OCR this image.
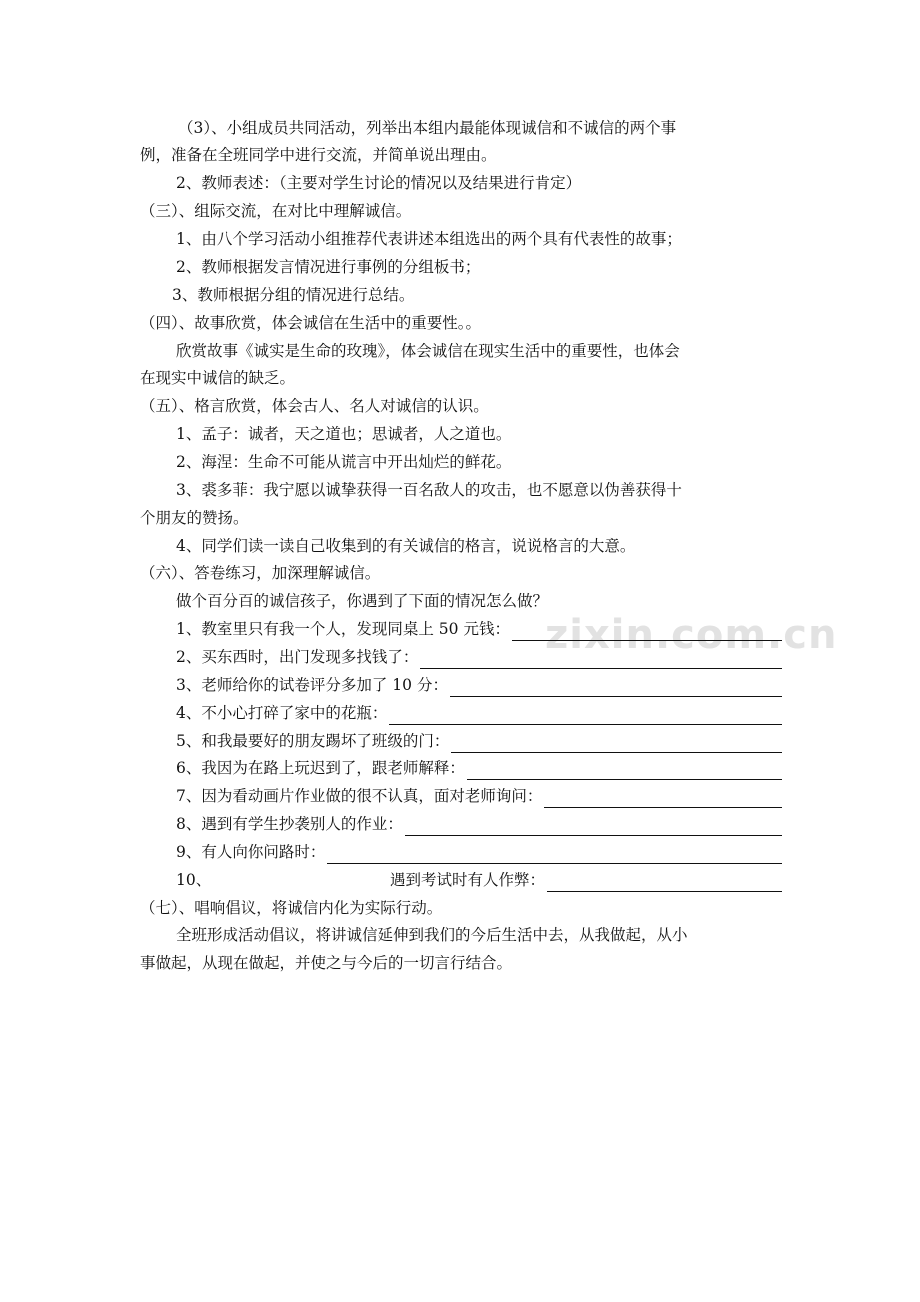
zixin.com.cn
（3）、小组成员共同活动，列举出本组内最能体现诚信和不诚信的两个事
例，准备在全班同学中进行交流，并简单说出理由。
2、教师表述：（主要对学生讨论的情况以及结果进行肯定）
（三）、组际交流，在对比中理解诚信。
1、由八个学习活动小组推荐代表讲述本组选出的两个具有代表性的故事；
2、教师根据发言情况进行事例的分组板书；
3、教师根据分组的情况进行总结。
（四）、故事欣赏，体会诚信在生活中的重要性。。
欣赏故事《诚实是生命的玫瑰》，体会诚信在现实生活中的重要性，也体会
在现实中诚信的缺乏。
（五）、格言欣赏，体会古人、名人对诚信的认识。
1、孟子：诚者，天之道也；思诚者，人之道也。
2、海涅：生命不可能从谎言中开出灿烂的鲜花。
3、裘多菲：我宁愿以诚挚获得一百名敌人的攻击，也不愿意以伪善获得十
个朋友的赞扬。
4、同学们读一读自己收集到的有关诚信的格言，说说格言的大意。
（六）、答卷练习，加深理解诚信。
做个百分百的诚信孩子，你遇到了下面的情况怎么做？
1、教室里只有我一个人，发现同桌上 50 元钱：
2、买东西时，出门发现多找钱了：
3、老师给你的试卷评分多加了 10 分：
4、不小心打碎了家中的花瓶：
5、和我最要好的朋友踢坏了班级的门：
6、我因为在路上玩迟到了，跟老师解释：
7、因为看动画片作业做的很不认真，面对老师询问：
8、遇到有学生抄袭别人的作业：
9、有人向你问路时：
10、	遇到考试时有人作弊：
（七）、唱响倡议，将诚信内化为实际行动。
全班形成活动倡议，将讲诚信延伸到我们的今后生活中去，从我做起，从小
事做起，从现在做起，并使之与今后的一切言行结合。
